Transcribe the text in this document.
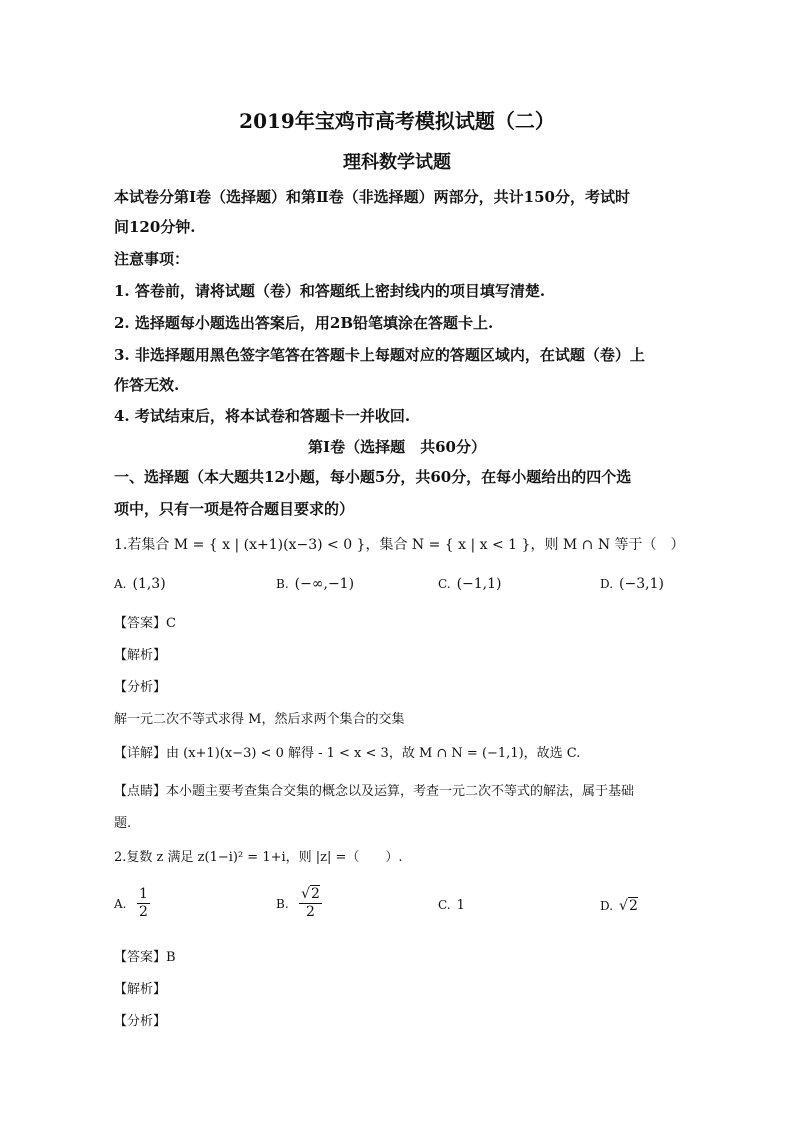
2019年宝鸡市高考模拟试题（二）
理科数学试题
本试卷分第Ⅰ卷（选择题）和第Ⅱ卷（非选择题）两部分，共计150分，考试时
间120分钟.
注意事项：
1. 答卷前，请将试题（卷）和答题纸上密封线内的项目填写清楚.
2. 选择题每小题选出答案后，用2B铅笔填涂在答题卡上.
3. 非选择题用黑色签字笔答在答题卡上每题对应的答题区域内，在试题（卷）上
作答无效.
4. 考试结束后，将本试卷和答题卡一并收回.
第Ⅰ卷（选择题　共60分）
一、选择题（本大题共12小题，每小题5分，共60分，在每小题给出的四个选
项中，只有一项是符合题目要求的）
1.若集合 M = { x | (x+1)(x−3) < 0 }，集合 N = { x | x < 1 }，则 M ∩ N 等于（　）
A. (1,3)	B. (−∞,−1)	C. (−1,1)	D. (−3,1)
【答案】C
【解析】
【分析】
解一元二次不等式求得 M，然后求两个集合的交集
【详解】由 (x+1)(x−3) < 0 解得 - 1 < x < 3，故 M ∩ N = (−1,1)，故选 C.
【点睛】本小题主要考查集合交集的概念以及运算，考查一元二次不等式的解法，属于基础
题.
2.复数 z 满足 z(1−i)² = 1+i，则 |z| =（　　）.
A. $\frac{1}{2}$	B. $\frac{√2}{2}$	C. 1	D. √2
【答案】B
【解析】
【分析】
